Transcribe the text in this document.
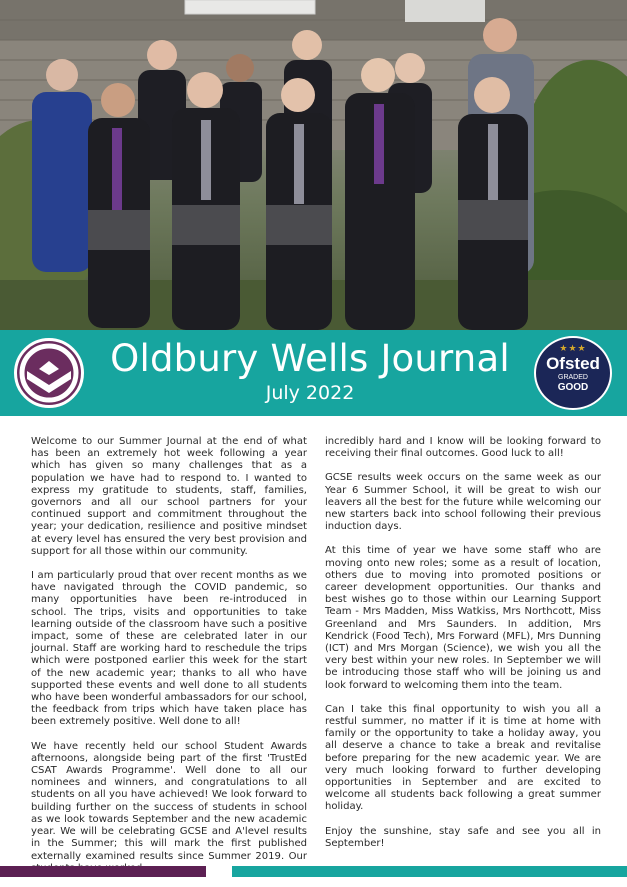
Oldbury Wells Journal
July 2022
★★★
Ofsted
GRADED
GOOD

Welcome to our Summer Journal at the end of what has been an extremely hot week following a year which has given so many challenges that as a population we have had to respond to. I wanted to express my gratitude to students, staff, families, governors and all our school partners for your continued support and commitment throughout the year; your dedication, resilience and positive mindset at every level has ensured the very best provision and support for all those within our community.

I am particularly proud that over recent months as we have navigated through the COVID pandemic, so many opportunities have been re-introduced in school. The trips, visits and opportunities to take learning outside of the classroom have such a positive impact, some of these are celebrated later in our journal. Staff are working hard to reschedule the trips which were postponed earlier this week for the start of the new academic year; thanks to all who have supported these events and well done to all students who have been wonderful ambassadors for our school, the feedback from trips which have taken place has been extremely positive. Well done to all!

We have recently held our school Student Awards afternoons, alongside being part of the first 'TrustEd CSAT Awards Programme'. Well done to all our nominees and winners, and congratulations to all students on all you have achieved! We look forward to building further on the success of students in school as we look towards September and the new academic year. We will be celebrating GCSE and A'level results in the Summer; this will mark the first published externally examined results since Summer 2019. Our

incredibly hard and I know will be looking forward to receiving their final outcomes. Good luck to all!

GCSE results week occurs on the same week as our Year 6 Summer School, it will be great to wish our leavers all the best for the future while welcoming our new starters back into school following their previous induction days.

At this time of year we have some staff who are moving onto new roles; some as a result of location, others due to moving into promoted positions or career development opportunities. Our thanks and best wishes go to those within our Learning Support Team - Mrs Madden, Miss Watkiss, Mrs Northcott, Miss Greenland and Mrs Saunders. In addition, Mrs Kendrick (Food Tech), Mrs Forward (MFL), Mrs Dunning (ICT) and Mrs Morgan (Science), we wish you all the very best within your new roles. In September we will be introducing those staff who will be joining us and look forward to welcoming them into the team.

Can I take this final opportunity to wish you all a restful summer, no matter if it is time at home with family or the opportunity to take a holiday away, you all deserve a chance to take a break and revitalise before preparing for the new academic year. We are very much looking forward to further developing opportunities in September and are excited to welcome all students back following a great summer holiday.

Enjoy the sunshine, stay safe and see you all in September!
